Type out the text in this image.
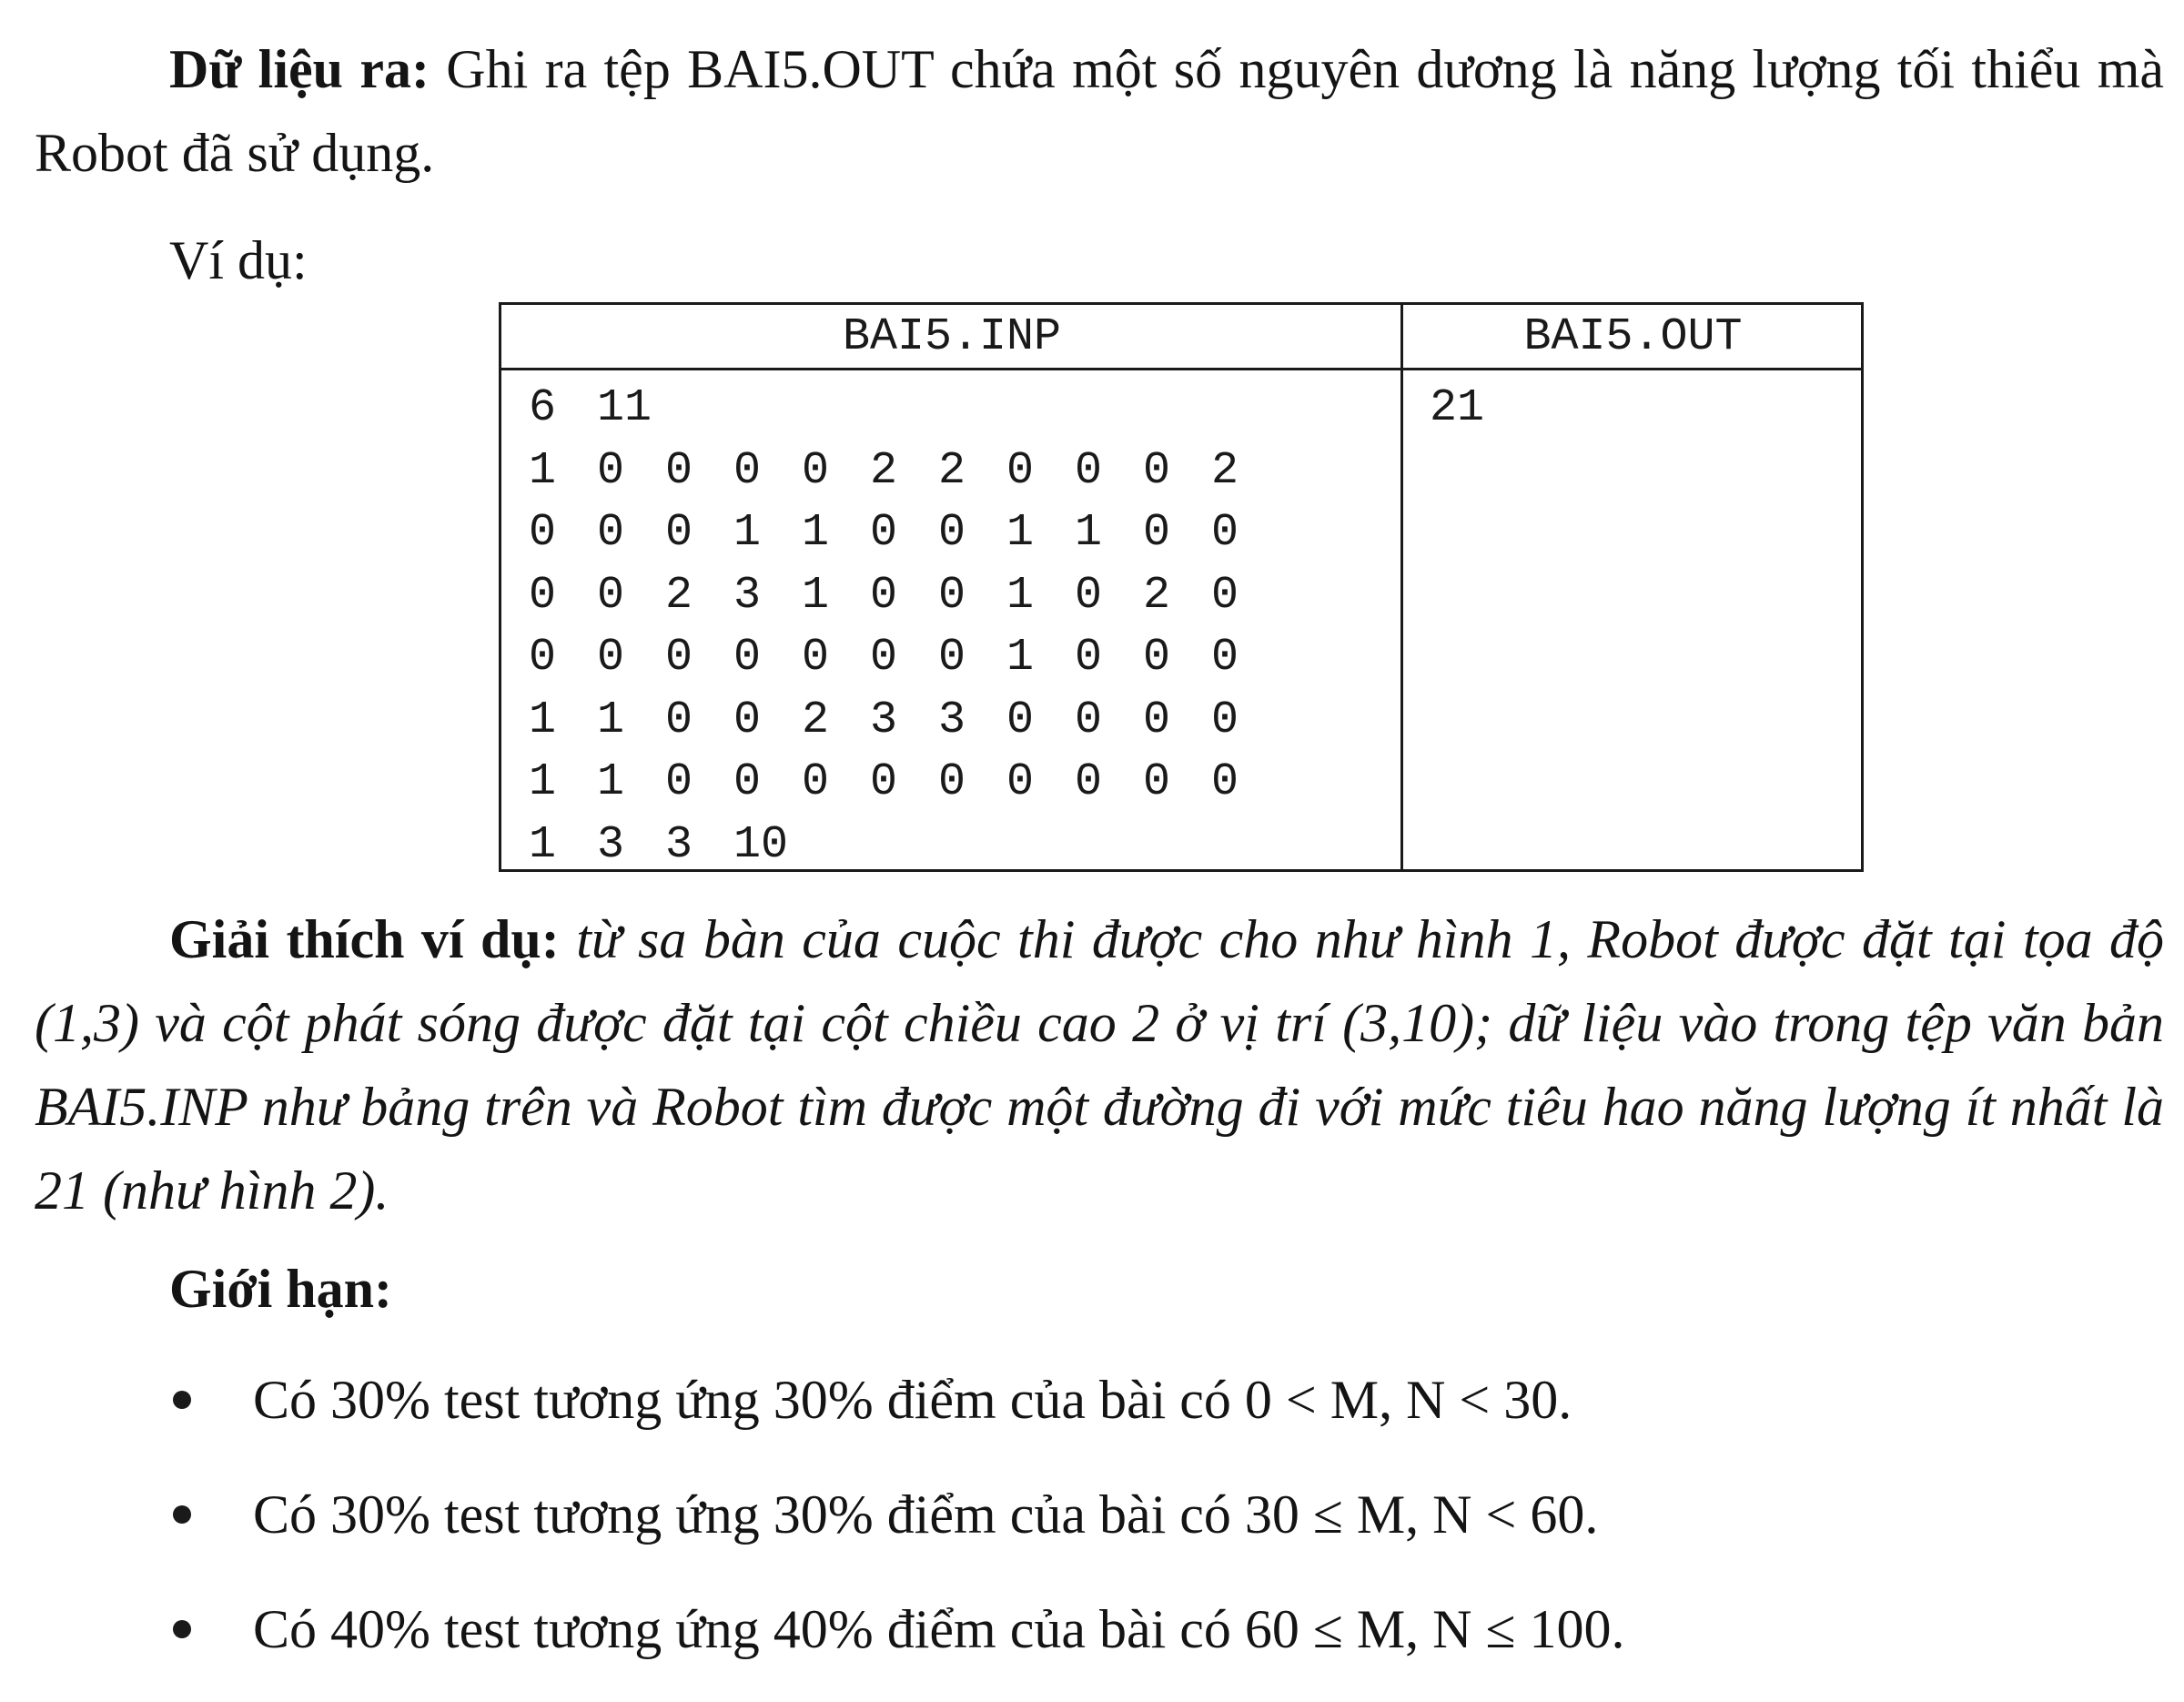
Dữ liệu ra: Ghi ra tệp BAI5.OUT chứa một số nguyên dương là năng lượng tối thiểu mà Robot đã sử dụng.

Ví dụ:

BAI5.INP	BAI5.OUT
6 11
1 0 0 0 0 2 2 0 0 0 2
0 0 0 1 1 0 0 1 1 0 0
0 0 2 3 1 0 0 1 0 2 0
0 0 0 0 0 0 0 1 0 0 0
1 1 0 0 2 3 3 0 0 0 0
1 1 0 0 0 0 0 0 0 0 0
1 3 3 10
21

Giải thích ví dụ: từ sa bàn của cuộc thi được cho như hình 1, Robot được đặt tại tọa độ (1,3) và cột phát sóng được đặt tại cột chiều cao 2 ở vị trí (3,10); dữ liệu vào trong tệp văn bản BAI5.INP như bảng trên và Robot tìm được một đường đi với mức tiêu hao năng lượng ít nhất là 21 (như hình 2).

Giới hạn:

Có 30% test tương ứng 30% điểm của bài có 0 < M, N < 30.
Có 30% test tương ứng 30% điểm của bài có 30 ≤ M, N < 60.
Có 40% test tương ứng 40% điểm của bài có 60 ≤ M, N ≤ 100.
